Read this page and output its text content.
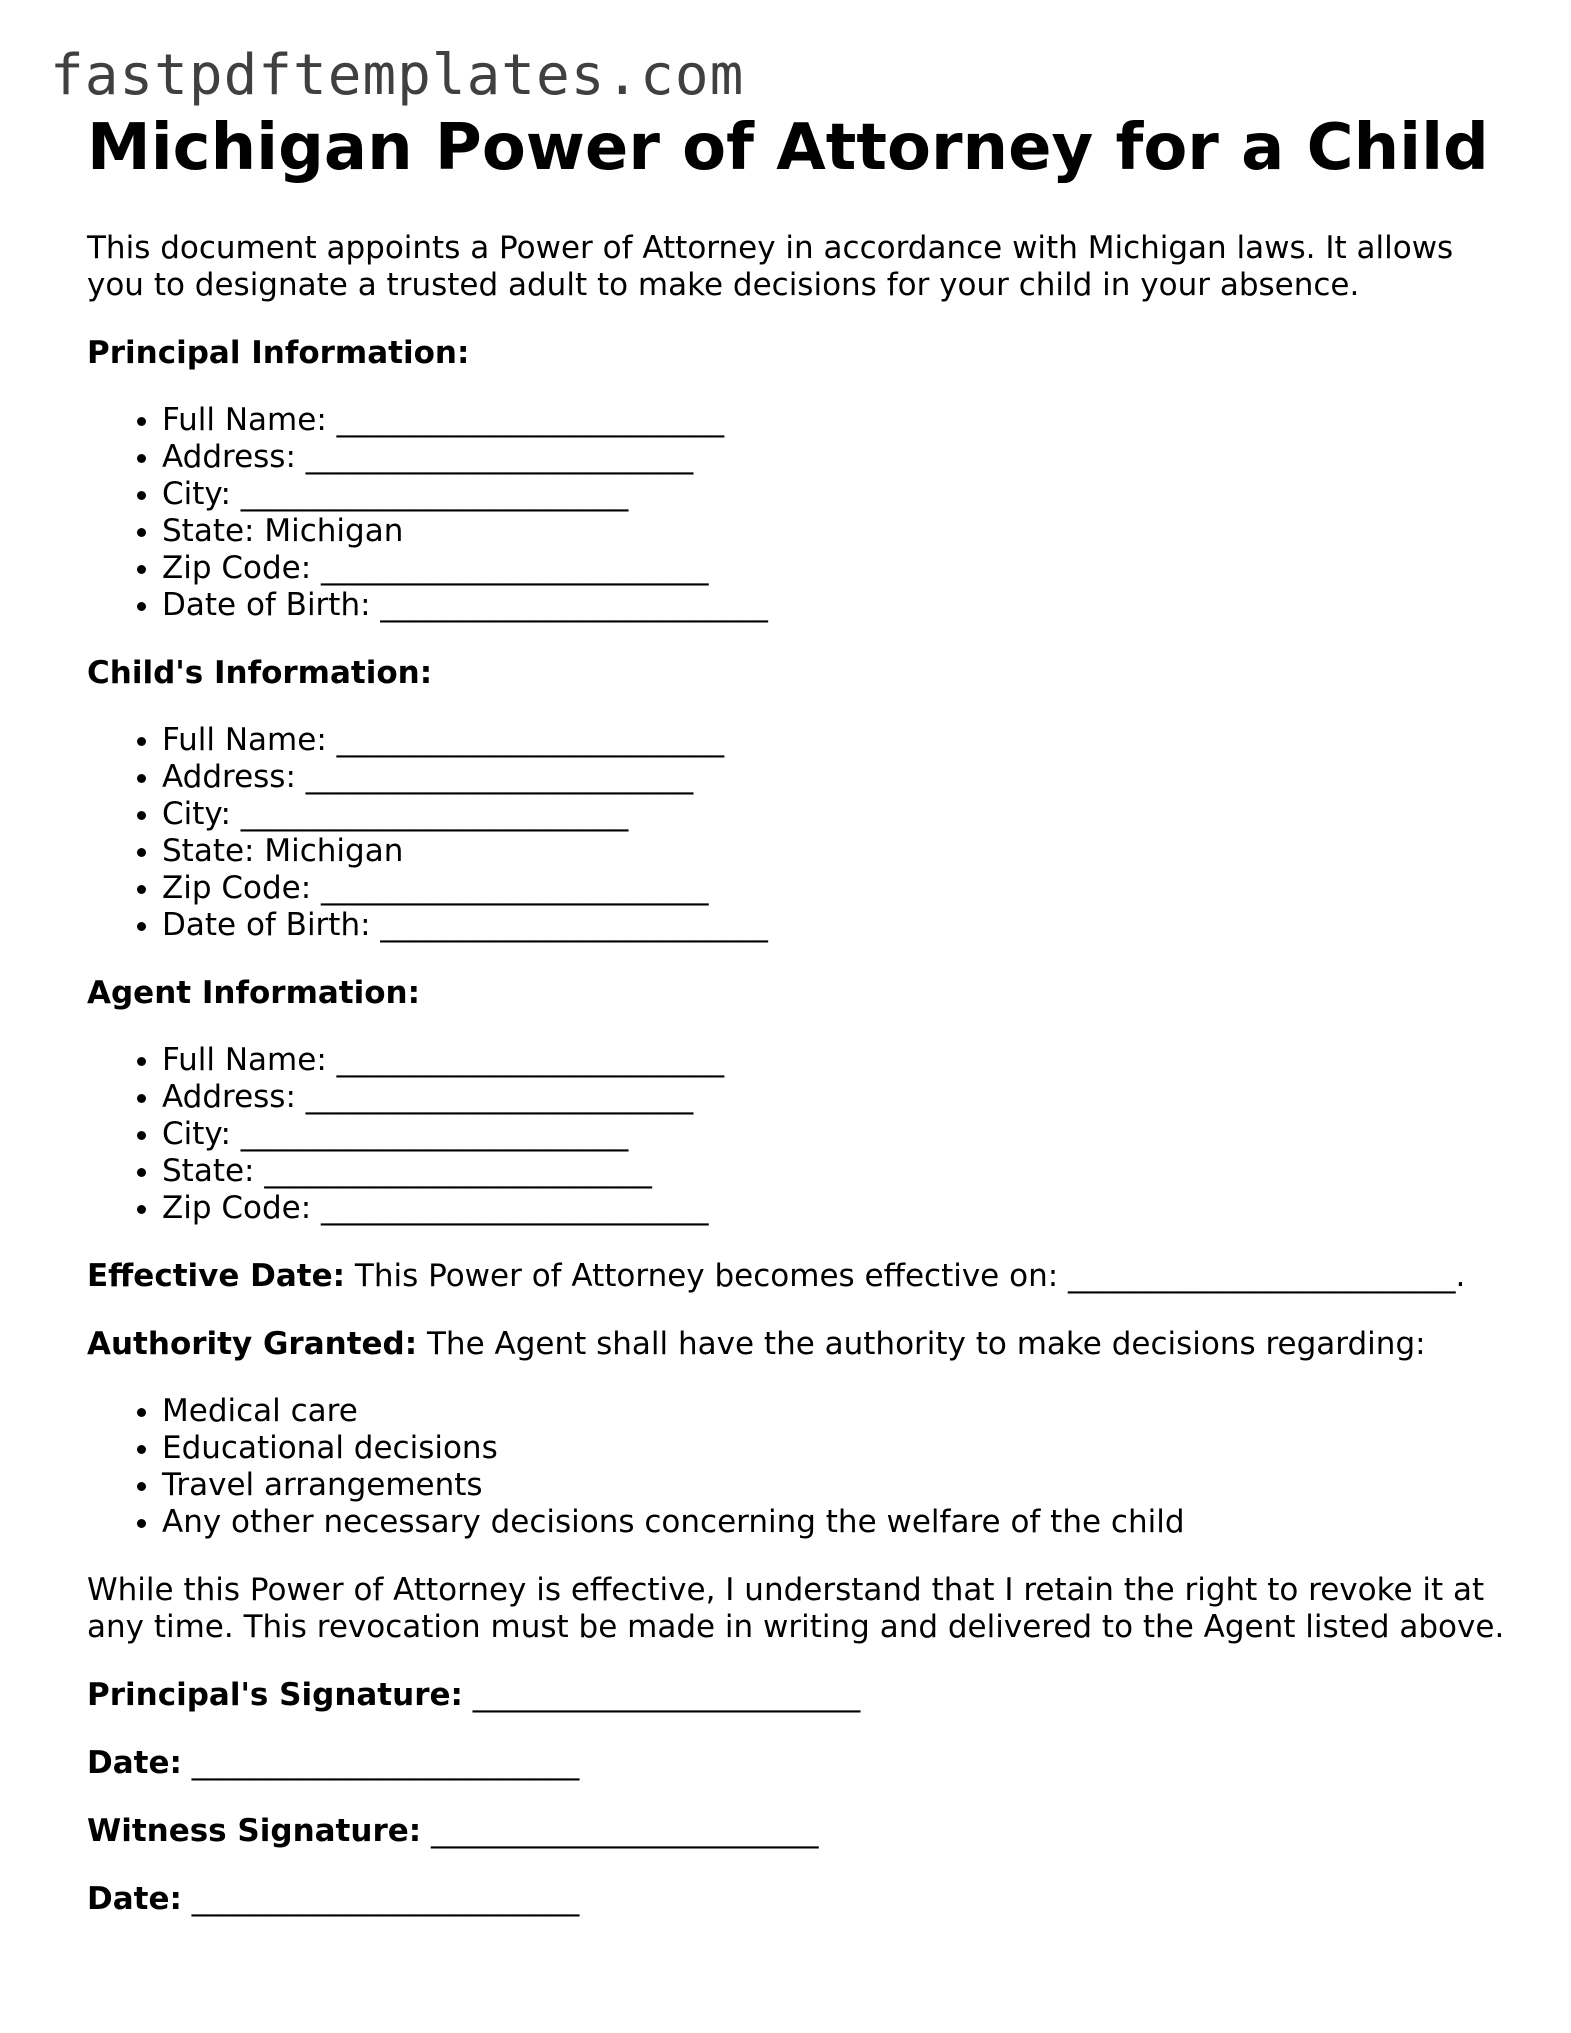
fastpdftemplates.com
Michigan Power of Attorney for a Child

This document appoints a Power of Attorney in accordance with Michigan laws. It allows you to designate a trusted adult to make decisions for your child in your absence.

Principal Information:

• Full Name: _________________________
• Address: _________________________
• City: _________________________
• State: Michigan
• Zip Code: _________________________
• Date of Birth: _________________________

Child's Information:

• Full Name: _________________________
• Address: _________________________
• City: _________________________
• State: Michigan
• Zip Code: _________________________
• Date of Birth: _________________________

Agent Information:

• Full Name: _________________________
• Address: _________________________
• City: _________________________
• State: _________________________
• Zip Code: _________________________

Effective Date: This Power of Attorney becomes effective on: _________________________.

Authority Granted: The Agent shall have the authority to make decisions regarding:

• Medical care
• Educational decisions
• Travel arrangements
• Any other necessary decisions concerning the welfare of the child

While this Power of Attorney is effective, I understand that I retain the right to revoke it at any time. This revocation must be made in writing and delivered to the Agent listed above.

Principal's Signature: _________________________

Date: _________________________

Witness Signature: _________________________

Date: _________________________
